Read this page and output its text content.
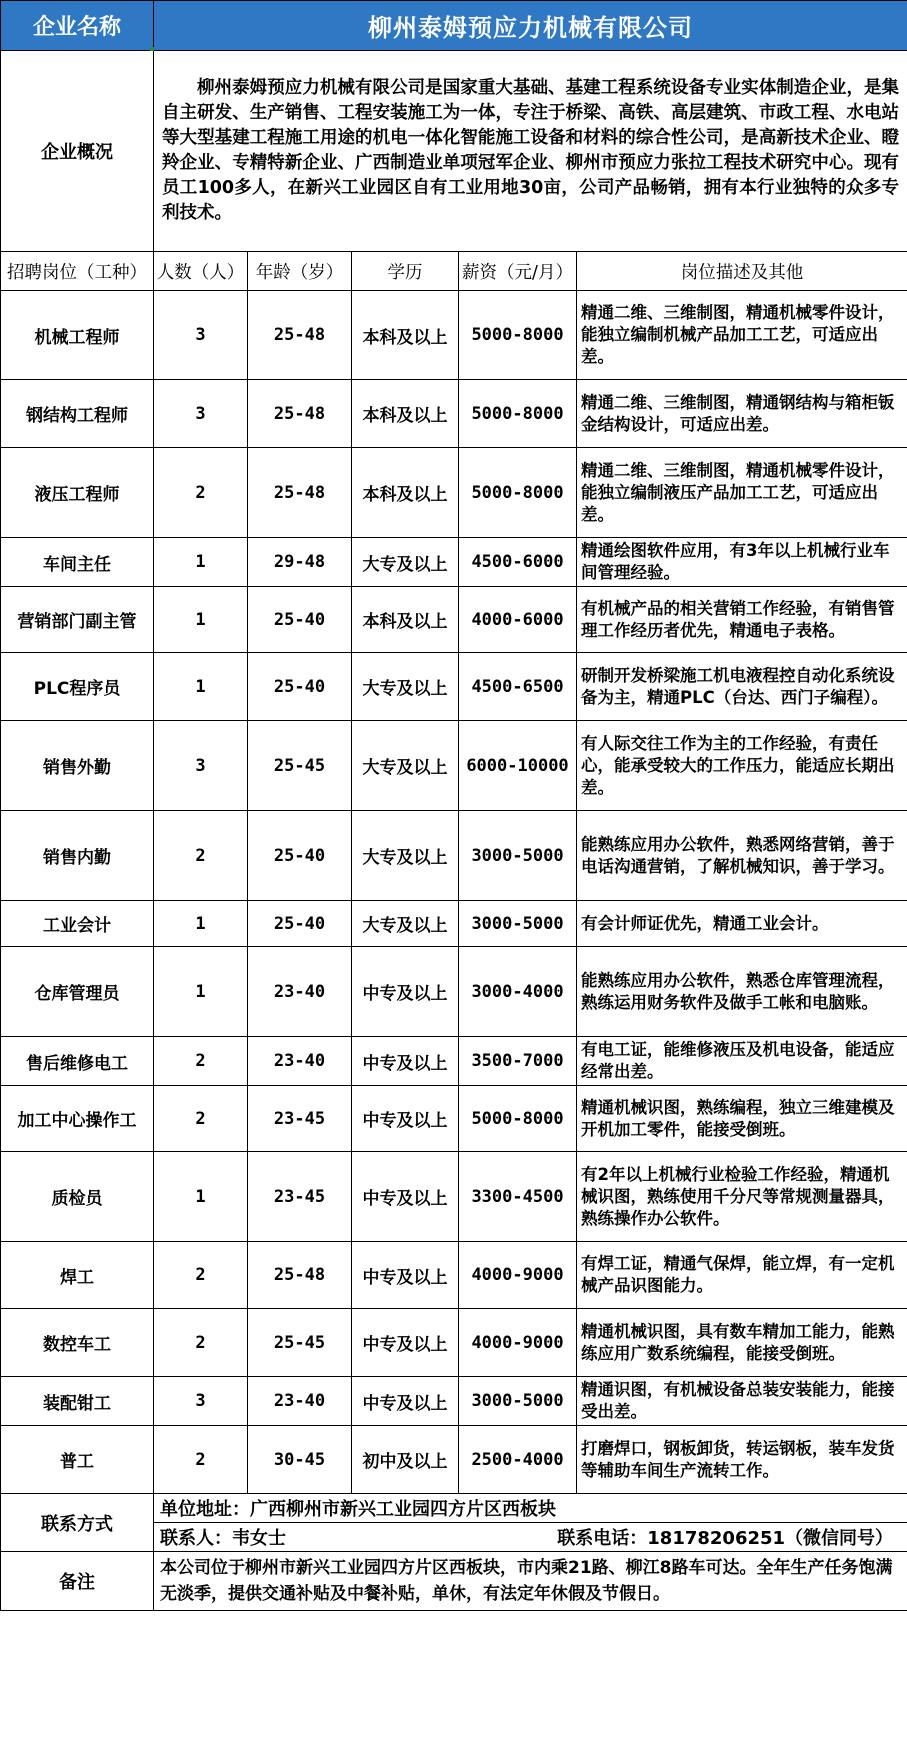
企业名称	柳州泰姆预应力机械有限公司				
企业概况	柳州泰姆预应力机械有限公司是国家重大基础、基建工程系统设备专业实体制造企业，是集自主研发、生产销售、工程安装施工为一体，专注于桥梁、高铁、高层建筑、市政工程、水电站等大型基建工程施工用途的机电一体化智能施工设备和材料的综合性公司，是高新技术企业、瞪羚企业、专精特新企业、广西制造业单项冠军企业、柳州市预应力张拉工程技术研究中心。现有员工100多人，在新兴工业园区自有工业用地30亩，公司产品畅销，拥有本行业独特的众多专利技术。				

招聘岗位（工种）	人数（人）	年龄（岁）	学历	薪资（元/月）	岗位描述及其他
机械工程师	3	25-48	本科及以上	5000-8000	精通二维、三维制图，精通机械零件设计，能独立编制机械产品加工工艺，可适应出差。
钢结构工程师	3	25-48	本科及以上	5000-8000	精通二维、三维制图，精通钢结构与箱柜钣金结构设计，可适应出差。
液压工程师	2	25-48	本科及以上	5000-8000	精通二维、三维制图，精通机械零件设计，能独立编制液压产品加工工艺，可适应出差。
车间主任	1	29-48	大专及以上	4500-6000	精通绘图软件应用，有3年以上机械行业车间管理经验。
营销部门副主管	1	25-40	本科及以上	4000-6000	有机械产品的相关营销工作经验，有销售管理工作经历者优先，精通电子表格。
PLC程序员	1	25-40	大专及以上	4500-6500	研制开发桥梁施工机电液程控自动化系统设备为主，精通PLC（台达、西门子编程）。
销售外勤	3	25-45	大专及以上	6000-10000	有人际交往工作为主的工作经验，有责任心，能承受较大的工作压力，能适应长期出差。
销售内勤	2	25-40	大专及以上	3000-5000	能熟练应用办公软件，熟悉网络营销，善于电话沟通营销，了解机械知识，善于学习。
工业会计	1	25-40	大专及以上	3000-5000	有会计师证优先，精通工业会计。
仓库管理员	1	23-40	中专及以上	3000-4000	能熟练应用办公软件，熟悉仓库管理流程，熟练运用财务软件及做手工帐和电脑账。
售后维修电工	2	23-40	中专及以上	3500-7000	有电工证，能维修液压及机电设备，能适应经常出差。
加工中心操作工	2	23-45	中专及以上	5000-8000	精通机械识图，熟练编程，独立三维建模及开机加工零件，能接受倒班。
质检员	1	23-45	中专及以上	3300-4500	有2年以上机械行业检验工作经验，精通机械识图，熟练使用千分尺等常规测量器具，熟练操作办公软件。
焊工	2	25-48	中专及以上	4000-9000	有焊工证，精通气保焊，能立焊，有一定机械产品识图能力。
数控车工	2	25-45	中专及以上	4000-9000	精通机械识图，具有数车精加工能力，能熟练应用广数系统编程，能接受倒班。
装配钳工	3	23-40	中专及以上	3000-5000	精通识图，有机械设备总装安装能力，能接受出差。
普工	2	30-45	初中及以上	2500-4000	打磨焊口，钢板卸货，转运钢板，装车发货等辅助车间生产流转工作。
联系方式	单位地址：广西柳州市新兴工业园四方片区西板块				

	联系人：韦女士 联系电话：18178206251（微信同号）				

备注	本公司位于柳州市新兴工业园四方片区西板块，市内乘21路、柳江8路车可达。全年生产任务饱满无淡季，提供交通补贴及中餐补贴，单休，有法定年休假及节假日。				
